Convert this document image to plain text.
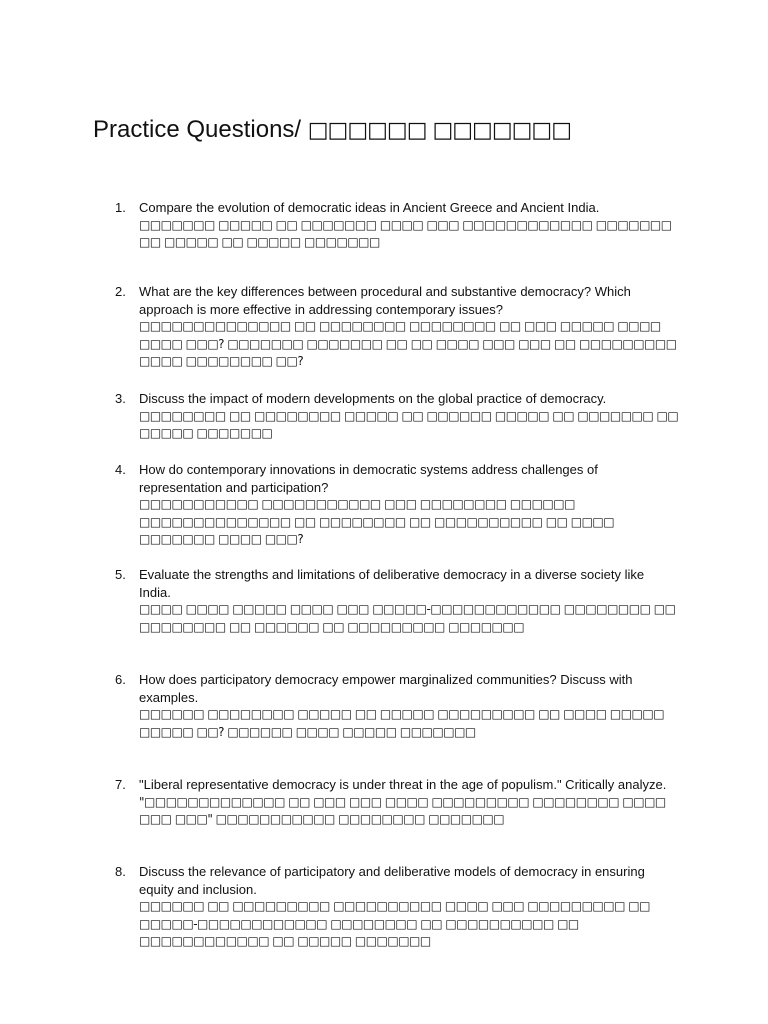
Practice Questions/ □□□□□□ □□□□□□□
1.	Compare the evolution of democratic ideas in Ancient Greece and Ancient India.
□□□□□□□ □□□□□ □□ □□□□□□□ □□□□ □□□ □□□□□□□□□□□□ □□□□□□□ □□ □□□□□ □□ □□□□□ □□□□□□□
2.	What are the key differences between procedural and substantive democracy? Which approach is more effective in addressing contemporary issues?
□□□□□□□□□□□□□□ □□ □□□□□□□□ □□□□□□□□ □□ □□□ □□□□□ □□□□ □□□□ □□□? □□□□□□□ □□□□□□□ □□ □□ □□□□ □□□ □□□ □□ □□□□□□□□□ □□□□ □□□□□□□□ □□?
3.	Discuss the impact of modern developments on the global practice of democracy.
□□□□□□□□ □□ □□□□□□□□ □□□□□ □□ □□□□□□ □□□□□ □□ □□□□□□□ □□ □□□□□ □□□□□□□
4.	How do contemporary innovations in democratic systems address challenges of representation and participation?
□□□□□□□□□□□ □□□□□□□□□□□ □□□ □□□□□□□□ □□□□□□ □□□□□□□□□□□□□□ □□ □□□□□□□□ □□ □□□□□□□□□□ □□ □□□□ □□□□□□□ □□□□ □□□?
5.	Evaluate the strengths and limitations of deliberative democracy in a diverse society like India.
□□□□ □□□□ □□□□□ □□□□ □□□ □□□□□-□□□□□□□□□□□□ □□□□□□□□ □□ □□□□□□□□ □□ □□□□□□ □□ □□□□□□□□□ □□□□□□□
6.	How does participatory democracy empower marginalized communities? Discuss with examples.
□□□□□□ □□□□□□□□ □□□□□ □□ □□□□□ □□□□□□□□□ □□ □□□□ □□□□□ □□□□□ □□? □□□□□□ □□□□ □□□□□ □□□□□□□
7.	"Liberal representative democracy is under threat in the age of populism." Critically analyze.
"□□□□□□□□□□□□□ □□ □□□ □□□ □□□□ □□□□□□□□□ □□□□□□□□ □□□□ □□□ □□□" □□□□□□□□□□□ □□□□□□□□ □□□□□□□
8.	Discuss the relevance of participatory and deliberative models of democracy in ensuring equity and inclusion.
□□□□□□ □□ □□□□□□□□□ □□□□□□□□□□ □□□□ □□□ □□□□□□□□□ □□ □□□□□-□□□□□□□□□□□□ □□□□□□□□ □□ □□□□□□□□□□ □□ □□□□□□□□□□□□ □□ □□□□□ □□□□□□□
